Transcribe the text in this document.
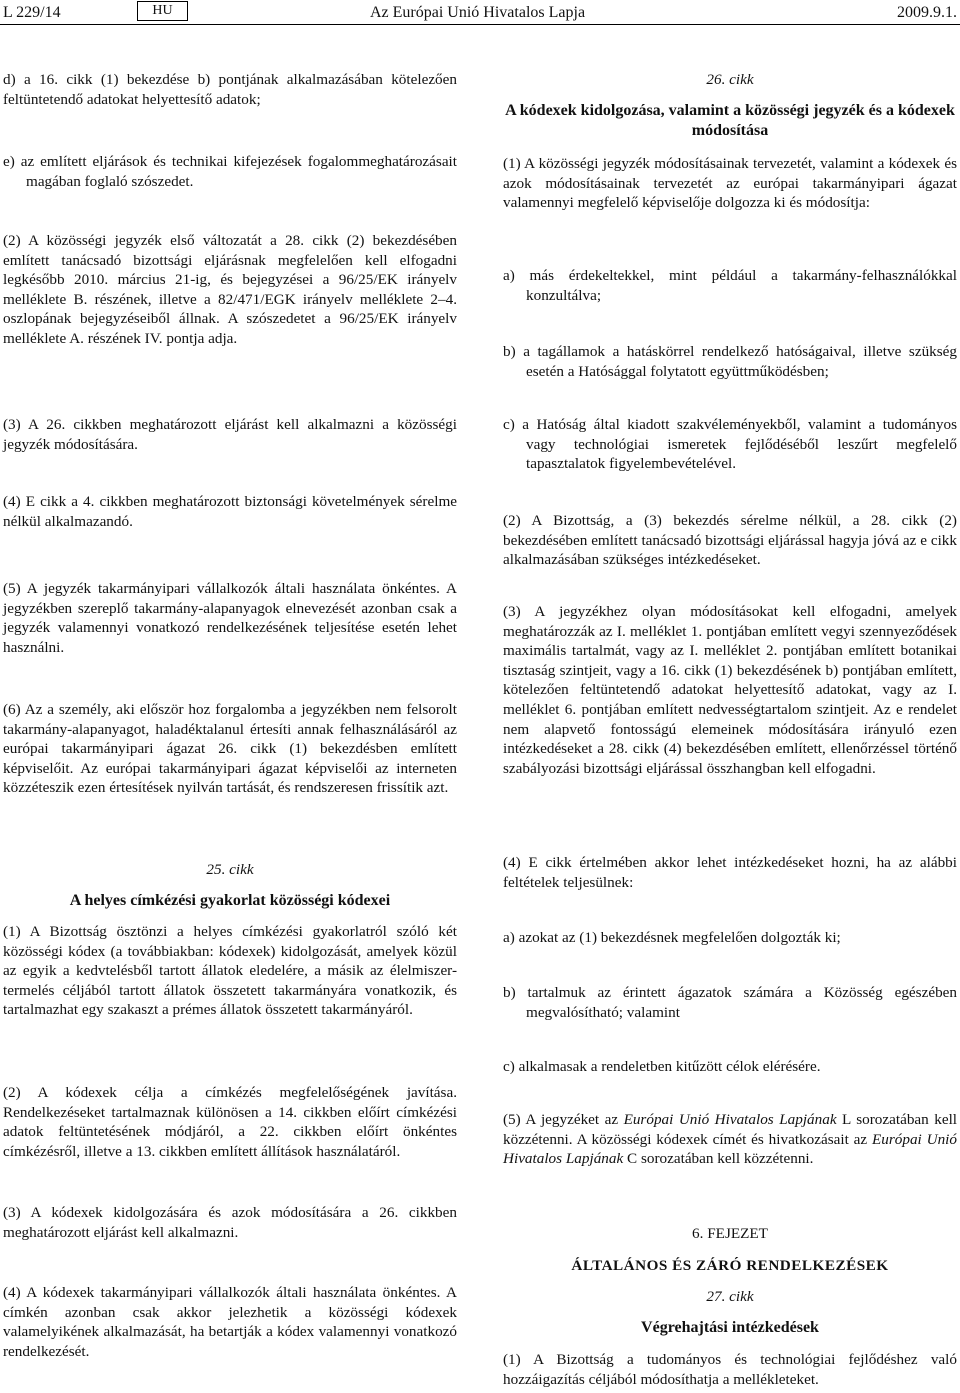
L 229/14	HU	Az Európai Unió Hivatalos Lapja	2009.9.1.

d) a 16. cikk (1) bekezdése b) pontjának alkalmazásában kötelezően feltüntetendő adatokat helyettesítő adatok;

e) az említett eljárások és technikai kifejezések fogalommeghatározásait magában foglaló szószedet.

(2) A közösségi jegyzék első változatát a 28. cikk (2) bekezdésében említett tanácsadó bizottsági eljárásnak megfelelően kell elfogadni legkésőbb 2010. március 21-ig, és bejegyzései a 96/25/EK irányelv melléklete B. részének, illetve a 82/471/EGK irányelv melléklete 2–4. oszlopának bejegyzéseiből állnak. A szószedetet a 96/25/EK irányelv melléklete A. részének IV. pontja adja.

(3) A 26. cikkben meghatározott eljárást kell alkalmazni a közösségi jegyzék módosítására.

(4) E cikk a 4. cikkben meghatározott biztonsági követelmények sérelme nélkül alkalmazandó.

(5) A jegyzék takarmányipari vállalkozók általi használata önkéntes. A jegyzékben szereplő takarmány-alapanyagok elnevezését azonban csak a jegyzék valamennyi vonatkozó rendelkezésének teljesítése esetén lehet használni.

(6) Az a személy, aki először hoz forgalomba a jegyzékben nem felsorolt takarmány-alapanyagot, haladéktalanul értesíti annak felhasználásáról az európai takarmányipari ágazat 26. cikk (1) bekezdésben említett képviselőit. Az európai takarmányipari ágazat képviselői az interneten közzéteszik ezen értesítések nyilván tartását, és rendszeresen frissítik azt.

25. cikk

A helyes címkézési gyakorlat közösségi kódexei

(1) A Bizottság ösztönzi a helyes címkézési gyakorlatról szóló két közösségi kódex (a továbbiakban: kódexek) kidolgozását, amelyek közül az egyik a kedvtelésből tartott állatok eledelére, a másik az élelmiszer-termelés céljából tartott állatok összetett takarmányára vonatkozik, és tartalmazhat egy szakaszt a prémes állatok összetett takarmányáról.

(2) A kódexek célja a címkézés megfelelőségének javítása. Rendelkezéseket tartalmaznak különösen a 14. cikkben előírt címkézési adatok feltüntetésének módjáról, a 22. cikkben előírt önkéntes címkézésről, illetve a 13. cikkben említett állítások használatáról.

(3) A kódexek kidolgozására és azok módosítására a 26. cikkben meghatározott eljárást kell alkalmazni.

(4) A kódexek takarmányipari vállalkozók általi használata önkéntes. A címkén azonban csak akkor jelezhetik a közösségi kódexek valamelyikének alkalmazását, ha betartják a kódex valamennyi vonatkozó rendelkezését.

26. cikk

A kódexek kidolgozása, valamint a közösségi jegyzék és a kódexek módosítása

(1) A közösségi jegyzék módosításainak tervezetét, valamint a kódexek és azok módosításainak tervezetét az európai takarmányipari ágazat valamennyi megfelelő képviselője dolgozza ki és módosítja:

a) más érdekeltekkel, mint például a takarmány-felhasználókkal konzultálva;

b) a tagállamok a hatáskörrel rendelkező hatóságaival, illetve szükség esetén a Hatósággal folytatott együttműködésben;

c) a Hatóság által kiadott szakvéleményekből, valamint a tudományos vagy technológiai ismeretek fejlődéséből leszűrt megfelelő tapasztalatok figyelembevételével.

(2) A Bizottság, a (3) bekezdés sérelme nélkül, a 28. cikk (2) bekezdésében említett tanácsadó bizottsági eljárással hagyja jóvá az e cikk alkalmazásában szükséges intézkedéseket.

(3) A jegyzékhez olyan módosításokat kell elfogadni, amelyek meghatározzák az I. melléklet 1. pontjában említett vegyi szennyeződések maximális tartalmát, vagy az I. melléklet 2. pontjában említett botanikai tisztaság szintjeit, vagy a 16. cikk (1) bekezdésének b) pontjában említett, kötelezően feltüntetendő adatokat helyettesítő adatokat, vagy az I. melléklet 6. pontjában említett nedvességtartalom szintjeit. Az e rendelet nem alapvető fontosságú elemeinek módosítására irányuló ezen intézkedéseket a 28. cikk (4) bekezdésében említett, ellenőrzéssel történő szabályozási bizottsági eljárással összhangban kell elfogadni.

(4) E cikk értelmében akkor lehet intézkedéseket hozni, ha az alábbi feltételek teljesülnek:

a) azokat az (1) bekezdésnek megfelelően dolgozták ki;

b) tartalmuk az érintett ágazatok számára a Közösség egészében megvalósítható; valamint

c) alkalmasak a rendeletben kitűzött célok elérésére.

(5) A jegyzéket az Európai Unió Hivatalos Lapjának L sorozatában kell közzétenni. A közösségi kódexek címét és hivatkozásait az Európai Unió Hivatalos Lapjának C sorozatában kell közzétenni.

6. FEJEZET

ÁLTALÁNOS ÉS ZÁRÓ RENDELKEZÉSEK

27. cikk

Végrehajtási intézkedések

(1) A Bizottság a tudományos és technológiai fejlődéshez való hozzáigazítás céljából módosíthatja a mellékleteket.
